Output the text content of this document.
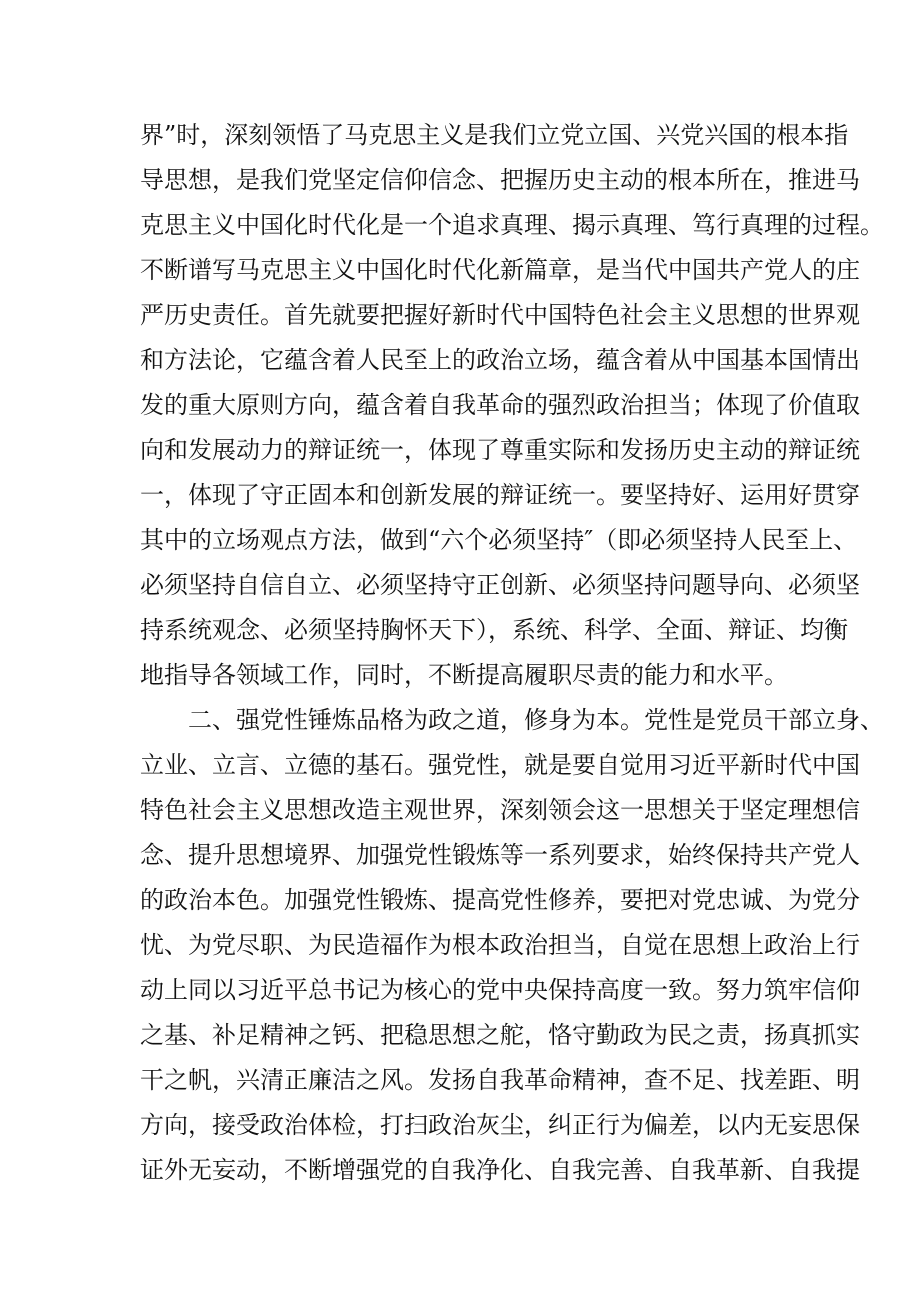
界”时，深刻领悟了马克思主义是我们立党立国、兴党兴国的根本指
导思想，是我们党坚定信仰信念、把握历史主动的根本所在，推进马
克思主义中国化时代化是一个追求真理、揭示真理、笃行真理的过程。
不断谱写马克思主义中国化时代化新篇章，是当代中国共产党人的庄
严历史责任。首先就要把握好新时代中国特色社会主义思想的世界观
和方法论，它蕴含着人民至上的政治立场，蕴含着从中国基本国情出
发的重大原则方向，蕴含着自我革命的强烈政治担当；体现了价值取
向和发展动力的辩证统一，体现了尊重实际和发扬历史主动的辩证统
一，体现了守正固本和创新发展的辩证统一。要坚持好、运用好贯穿
其中的立场观点方法，做到“六个必须坚持″（即必须坚持人民至上、
必须坚持自信自立、必须坚持守正创新、必须坚持问题导向、必须坚
持系统观念、必须坚持胸怀天下），系统、科学、全面、辩证、均衡
地指导各领域工作，同时，不断提高履职尽责的能力和水平。
二、强党性锤炼品格为政之道，修身为本。党性是党员干部立身、
立业、立言、立德的基石。强党性，就是要自觉用习近平新时代中国
特色社会主义思想改造主观世界，深刻领会这一思想关于坚定理想信
念、提升思想境界、加强党性锻炼等一系列要求，始终保持共产党人
的政治本色。加强党性锻炼、提高党性修养，要把对党忠诚、为党分
忧、为党尽职、为民造福作为根本政治担当，自觉在思想上政治上行
动上同以习近平总书记为核心的党中央保持高度一致。努力筑牢信仰
之基、补足精神之钙、把稳思想之舵，恪守勤政为民之责，扬真抓实
干之帆，兴清正廉洁之风。发扬自我革命精神，查不足、找差距、明
方向，接受政治体检，打扫政治灰尘，纠正行为偏差，以内无妄思保
证外无妄动，不断增强党的自我净化、自我完善、自我革新、自我提
